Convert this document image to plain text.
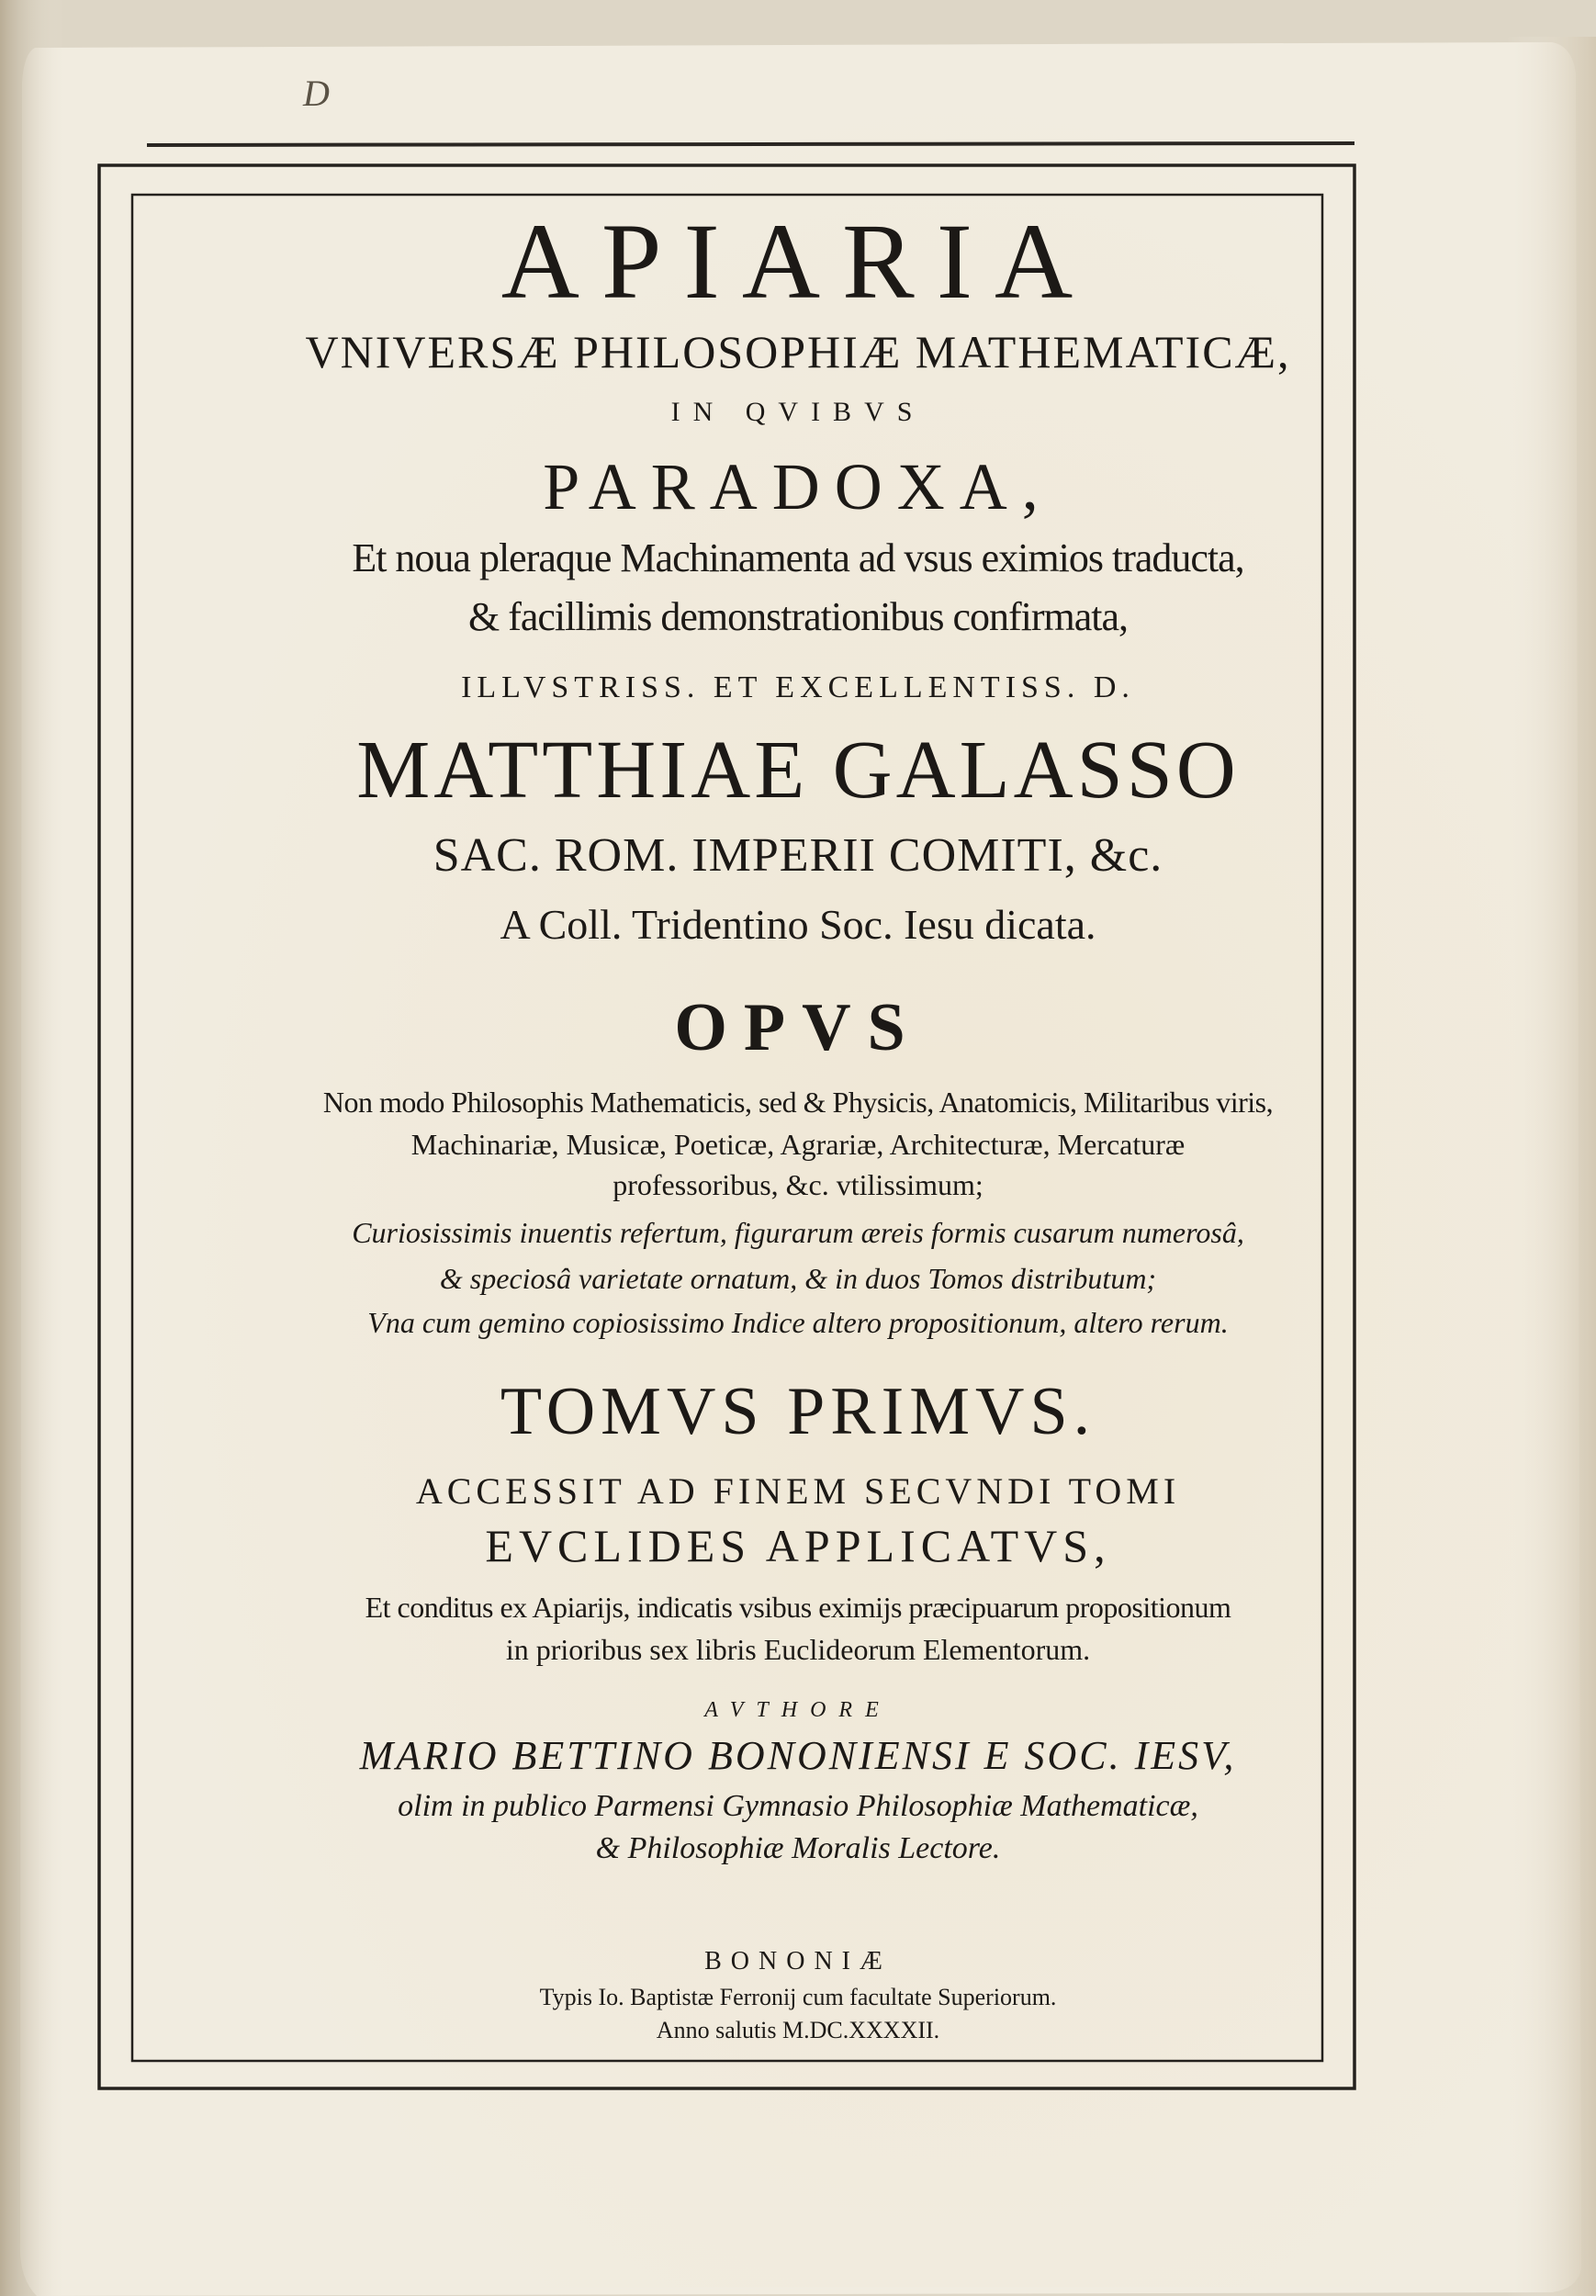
D
APIARIA
VNIVERSÆ PHILOSOPHIÆ MATHEMATICÆ,
IN QVIBVS
PARADOXA,
Et noua pleraque Machinamenta ad vsus eximios traducta,
& facillimis demonstrationibus confirmata,
ILLVSTRISS. ET EXCELLENTISS. D.
MATTHIAE GALASSO
SAC. ROM. IMPERII COMITI, &c.
A Coll. Tridentino Soc. Iesu dicata.
OPVS
Non modo Philosophis Mathematicis, sed & Physicis, Anatomicis, Militaribus viris,
Machinariæ, Musicæ, Poeticæ, Agrariæ, Architecturæ, Mercaturæ
professoribus, &c. vtilissimum;
Curiosissimis inuentis refertum, figurarum æreis formis cusarum numerosâ,
& speciosâ varietate ornatum, & in duos Tomos distributum;
Vna cum gemino copiosissimo Indice altero propositionum, altero rerum.
TOMVS PRIMVS.
ACCESSIT AD FINEM SECVNDI TOMI
EVCLIDES APPLICATVS,
Et conditus ex Apiarijs, indicatis vsibus eximijs præcipuarum propositionum
in prioribus sex libris Euclideorum Elementorum.
AVTHORE
MARIO BETTINO BONONIENSI E SOC. IESV,
olim in publico Parmensi Gymnasio Philosophiæ Mathematicæ,
& Philosophiæ Moralis Lectore.
BONONIÆ
Typis Io. Baptistæ Ferronij cum facultate Superiorum.
Anno salutis M.DC.XXXXII.
